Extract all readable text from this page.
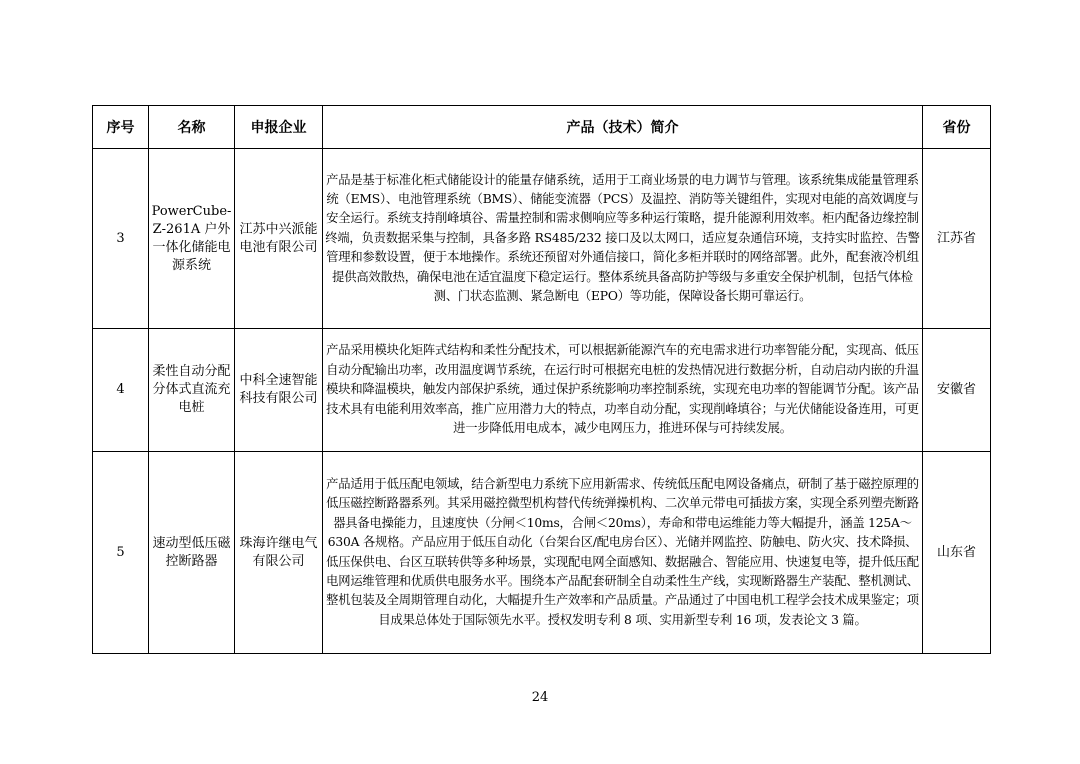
序号	名称	申报企业	产品（技术）简介	省份
3	PowerCube-Z-261A 户外一体化储能电源系统	江苏中兴派能电池有限公司	产品是基于标准化柜式储能设计的能量存储系统，适用于工商业场景的电力调节与管理。该系统集成能量管理系统（EMS）、电池管理系统（BMS）、储能变流器（PCS）及温控、消防等关键组件，实现对电能的高效调度与安全运行。系统支持削峰填谷、需量控制和需求侧响应等多种运行策略，提升能源利用效率。柜内配备边缘控制终端，负责数据采集与控制，具备多路 RS485/232 接口及以太网口，适应复杂通信环境，支持实时监控、告警管理和参数设置，便于本地操作。系统还预留对外通信接口，简化多柜并联时的网络部署。此外，配套液冷机组提供高效散热，确保电池在适宜温度下稳定运行。整体系统具备高防护等级与多重安全保护机制，包括气体检测、门状态监测、紧急断电（EPO）等功能，保障设备长期可靠运行。	江苏省
4	柔性自动分配分体式直流充电桩	中科全速智能科技有限公司	产品采用模块化矩阵式结构和柔性分配技术，可以根据新能源汽车的充电需求进行功率智能分配，实现高、低压自动分配输出功率，改用温度调节系统，在运行时可根据充电桩的发热情况进行数据分析，自动启动内嵌的升温模块和降温模块，触发内部保护系统，通过保护系统影响功率控制系统，实现充电功率的智能调节分配。该产品技术具有电能利用效率高，推广应用潜力大的特点，功率自动分配，实现削峰填谷；与光伏储能设备连用，可更进一步降低用电成本，减少电网压力，推进环保与可持续发展。	安徽省
5	速动型低压磁控断路器	珠海许继电气有限公司	产品适用于低压配电领域，结合新型电力系统下应用新需求、传统低压配电网设备痛点，研制了基于磁控原理的低压磁控断路器系列。其采用磁控微型机构替代传统弹操机构、二次单元带电可插拔方案，实现全系列塑壳断路器具备电操能力，且速度快（分闸＜10ms，合闸＜20ms），寿命和带电运维能力等大幅提升，涵盖 125A～630A 各规格。产品应用于低压自动化（台架台区/配电房台区）、光储并网监控、防触电、防火灾、技术降损、低压保供电、台区互联转供等多种场景，实现配电网全面感知、数据融合、智能应用、快速复电等，提升低压配电网运维管理和优质供电服务水平。围绕本产品配套研制全自动柔性生产线，实现断路器生产装配、整机测试、整机包装及全周期管理自动化，大幅提升生产效率和产品质量。产品通过了中国电机工程学会技术成果鉴定；项目成果总体处于国际领先水平。授权发明专利 8 项、实用新型专利 16 项，发表论文 3 篇。	山东省
24
